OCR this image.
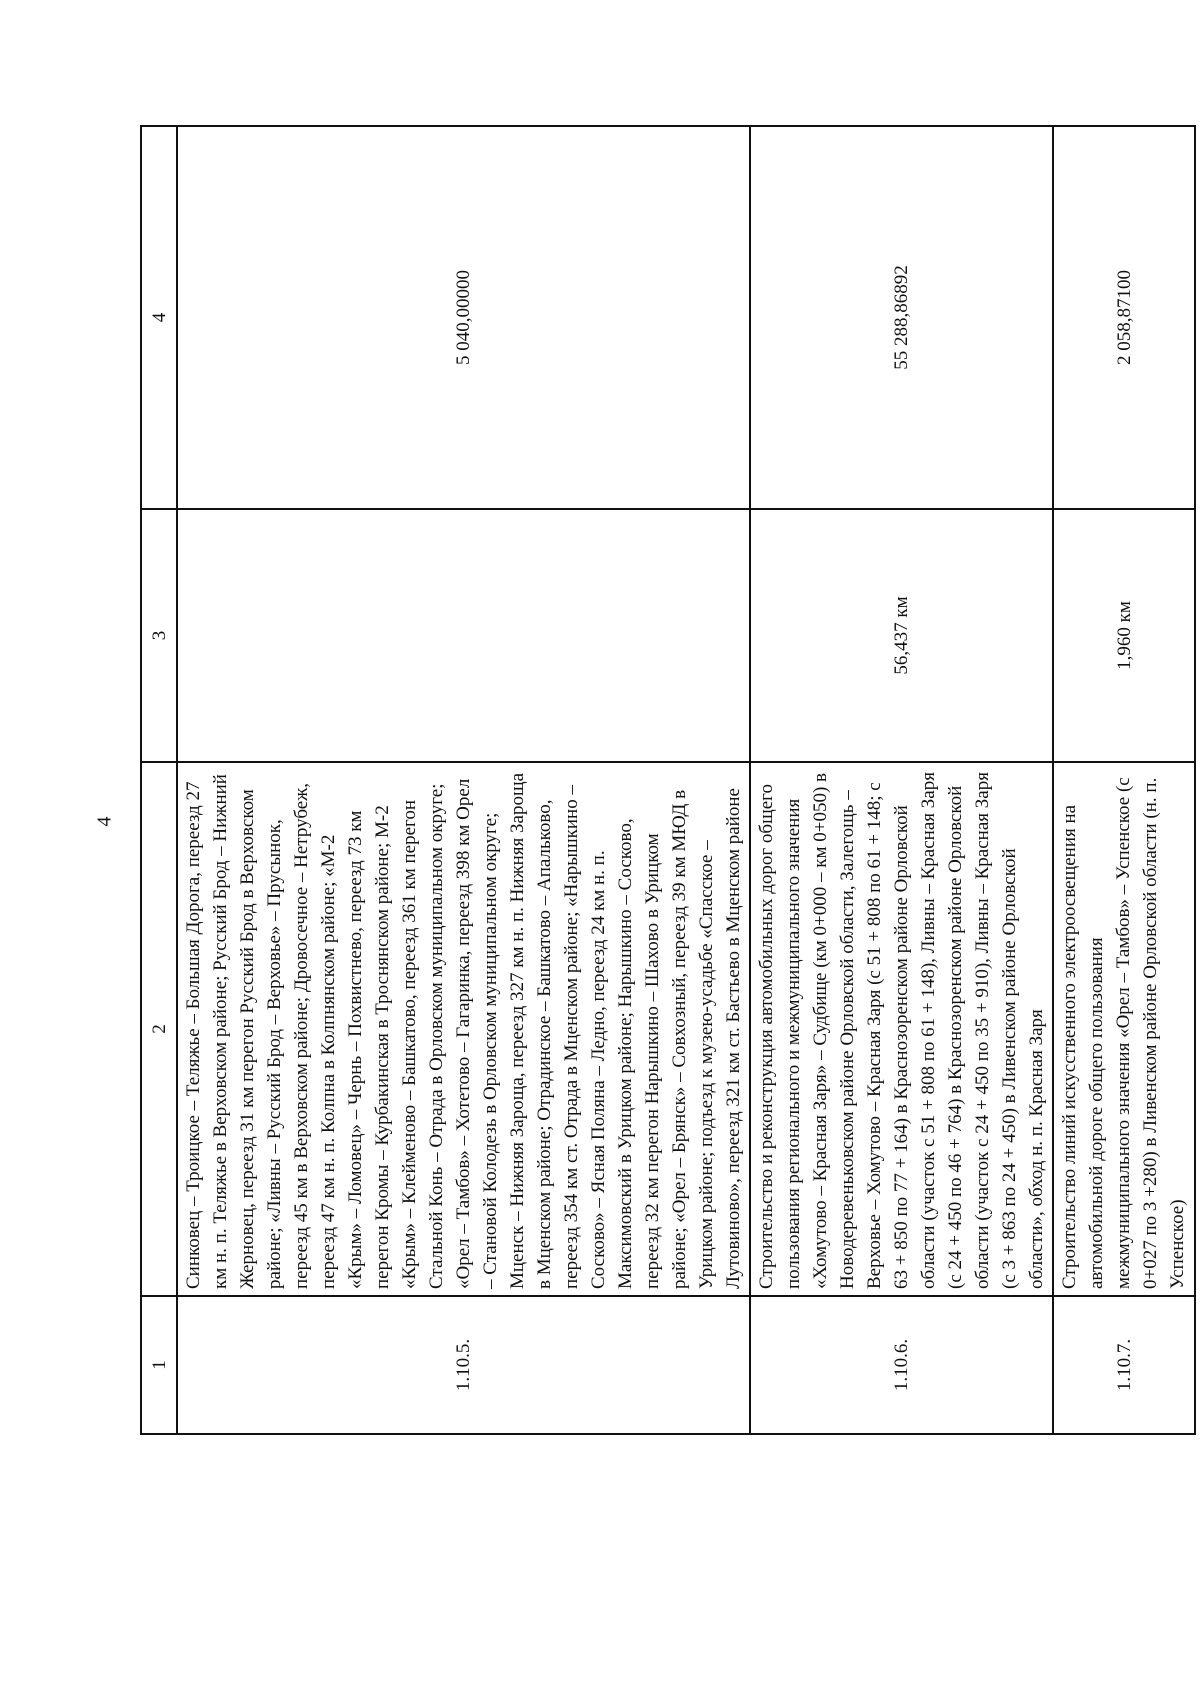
4
1	2	3	4
1.10.5.	Синковец – Троицкое – Теляжье – Большая Дорога, переезд 27 км н. п. Теляжье в Верховском районе; Русский Брод – Нижний Жерновец, переезд 31 км перегон Русский Брод в Верховском районе; «Ливны – Русский Брод – Верховье» – Прусынок, переезд 45 км в Верховском районе; Дровосечное – Нетрубеж, переезд 47 км н. п. Колпна в Колпнянском районе; «М-2 «Крым» – Ломовец» – Чернь – Похвистнево, переезд 73 км перегон Кромы – Курбакинская в Троснянском районе; М-2 «Крым» – Клейменово – Башкатово, переезд 361 км перегон Стальной Конь – Отрада в Орловском муниципальном округе; «Орел – Тамбов» – Хотетово – Гагаринка, переезд 398 км Орел – Становой Колодезь в Орловском муниципальном округе; Мценск – Нижняя Зароща, переезд 327 км н. п. Нижняя Зароща в Мценском районе; Отрадинское – Башкатово – Апальково, переезд 354 км ст. Отрада в Мценском районе; «Нарышкино – Сосково» – Ясная Поляна – Ледно, переезд 24 км н. п. Максимовский в Урицком районе; Нарышкино – Сосково, переезд 32 км перегон Нарышкино – Шахово в Урицком районе; «Орел – Брянск» – Совхозный, переезд 39 км МЮД в Урицком районе; подъезд к музею-усадьбе «Спасское – Лутовиново», переезд 321 км ст. Бастьево в Мценском районе		5 040,00000
1.10.6.	Строительство и реконструкция автомобильных дорог общего пользования регионального и межмуниципального значения «Хомутово – Красная Заря» – Судбище (км 0+000 – км 0+050) в Новодеревеньковском районе Орловской области, Залегощь – Верховье – Хомутово – Красная Заря (с 51 + 808 по 61 + 148; с 63 + 850 по 77 + 164) в Краснозоренском районе Орловской области (участок с 51 + 808 по 61 + 148), Ливны – Красная Заря (с 24 + 450 по 46 + 764) в Краснозоренском районе Орловской области (участок с 24 + 450 по 35 + 910), Ливны – Красная Заря (с 3 + 863 по 24 + 450) в Ливенском районе Орловской области», обход н. п. Красная Заря	56,437 км	55 288,86892
1.10.7.	Строительство линий искусственного электроосвещения на автомобильной дороге общего пользования межмуниципального значения «Орел – Тамбов» – Успенское (с 0+027 по 3 +280) в Ливенском районе Орловской области (н. п. Успенское)	1,960 км	2 058,87100
